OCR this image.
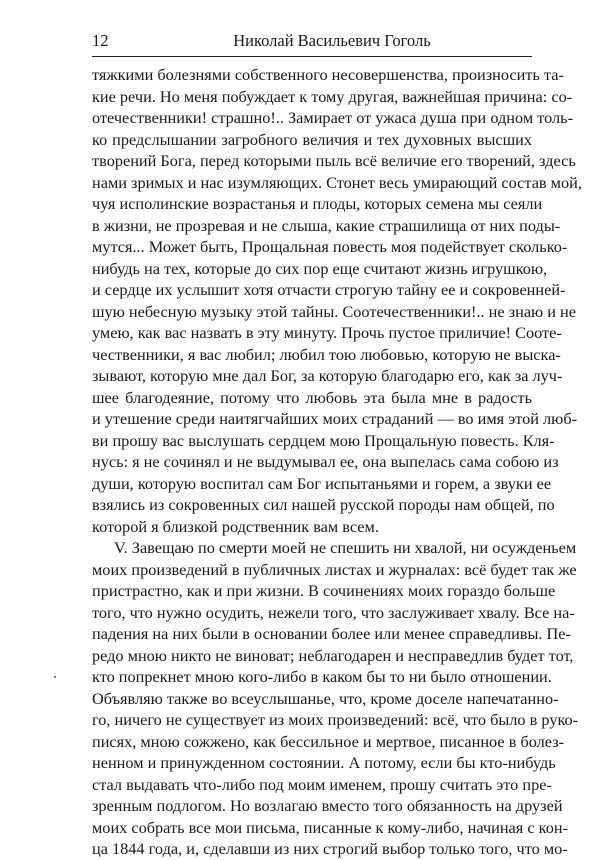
12	Николай Васильевич Гоголь
тяжкими болезнями собственного несовершенства, произносить та-
кие речи. Но меня побуждает к тому другая, важнейшая причина: со-
отечественники! страшно!.. Замирает от ужаса душа при одном толь-
ко предслышании загробного величия и тех духовных высших
творений Бога, перед которыми пыль всё величие его творений, здесь
нами зримых и нас изумляющих. Стонет весь умирающий состав мой,
чуя исполинские возрастанья и плоды, которых семена мы сеяли
в жизни, не прозревая и не слыша, какие страшилища от них поды-
мутся... Может быть, Прощальная повесть моя подействует сколько-
нибудь на тех, которые до сих пор еще считают жизнь игрушкою,
и сердце их услышит хотя отчасти строгую тайну ее и сокровенней-
шую небесную музыку этой тайны. Соотечественники!.. не знаю и не
умею, как вас назвать в эту минуту. Прочь пустое приличие! Сооте-
чественники, я вас любил; любил тою любовью, которую не выска-
зывают, которую мне дал Бог, за которую благодарю его, как за луч-
шее благодеяние, потому что любовь эта была мне в радость
и утешение среди наитягчайших моих страданий — во имя этой люб-
ви прошу вас выслушать сердцем мою Прощальную повесть. Кля-
нусь: я не сочинял и не выдумывал ее, она выпелась сама собою из
души, которую воспитал сам Бог испытаньями и горем, а звуки ее
взялись из сокровенных сил нашей русской породы нам общей, по
которой я близкой родственник вам всем.
V. Завещаю по смерти моей не спешить ни хвалой, ни осужденьем
моих произведений в публичных листах и журналах: всё будет так же
пристрастно, как и при жизни. В сочинениях моих гораздо больше
того, что нужно осудить, нежели того, что заслуживает хвалу. Все на-
падения на них были в основании более или менее справедливы. Пе-
редо мною никто не виноват; неблагодарен и несправедлив будет тот,
кто попрекнет мною кого-либо в каком бы то ни было отношении.
Объявляю также во всеуслышанье, что, кроме доселе напечатанно-
го, ничего не существует из моих произведений: всё, что было в руко-
писях, мною сожжено, как бессильное и мертвое, писанное в болез-
ненном и принужденном состоянии. А потому, если бы кто-нибудь
стал выдавать что-либо под моим именем, прошу считать это пре-
зренным подлогом. Но возлагаю вместо того обязанность на друзей
моих собрать все мои письма, писанные к кому-либо, начиная с кон-
ца 1844 года, и, сделавши из них строгий выбор только того, что мо-
